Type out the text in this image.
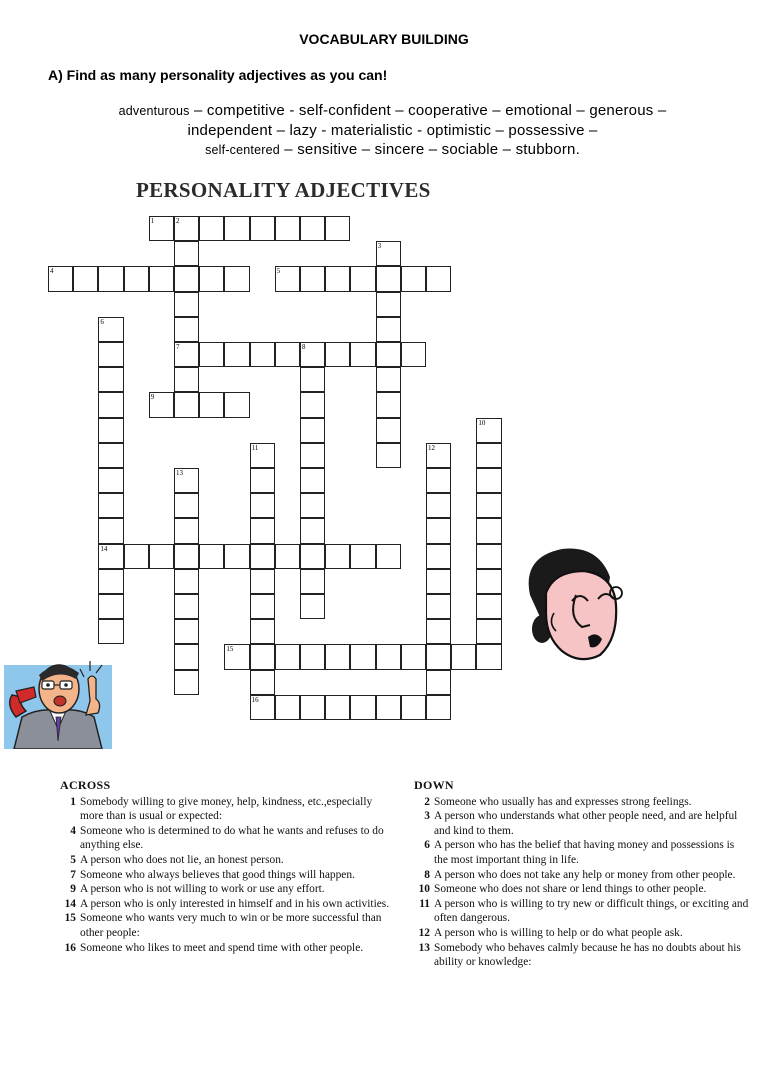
VOCABULARY BUILDING
A) Find as many personality adjectives as you can!
adventurous – competitive - self-confident – cooperative – emotional – generous –
independent – lazy - materialistic - optimistic – possessive –
self-centered – sensitive – sincere – sociable – stubborn.
PERSONALITY ADJECTIVES
1	2
7
3
4	5
6
14
8
9
10
11
16
12
13
15
ACROSS
1 Somebody willing to give money, help, kindness, etc.,especially more than is usual or expected:
4 Someone who is determined to do what he wants and refuses to do anything else.
5 A person who does not lie, an honest person.
7 Someone who always believes that good things will happen.
9 A person who is not willing to work or use any effort.
14 A person who is only interested in himself and in his own activities.
15 Someone who wants very much to win or be more successful than other people:
16 Someone who likes to meet and spend time with other people.
DOWN
2 Someone who usually has and expresses strong feelings.
3 A person who understands what other people need, and are helpful and kind to them.
6 A person who has the belief that having money and possessions is the most important thing in life.
8 A person who does not take any help or money from other people.
10 Someone who does not share or lend things to other people.
11 A person who is willing to try new or difficult things, or exciting and often dangerous.
12 A person who is willing to help or do what people ask.
13 Somebody who behaves calmly because he has no doubts about his ability or knowledge:
